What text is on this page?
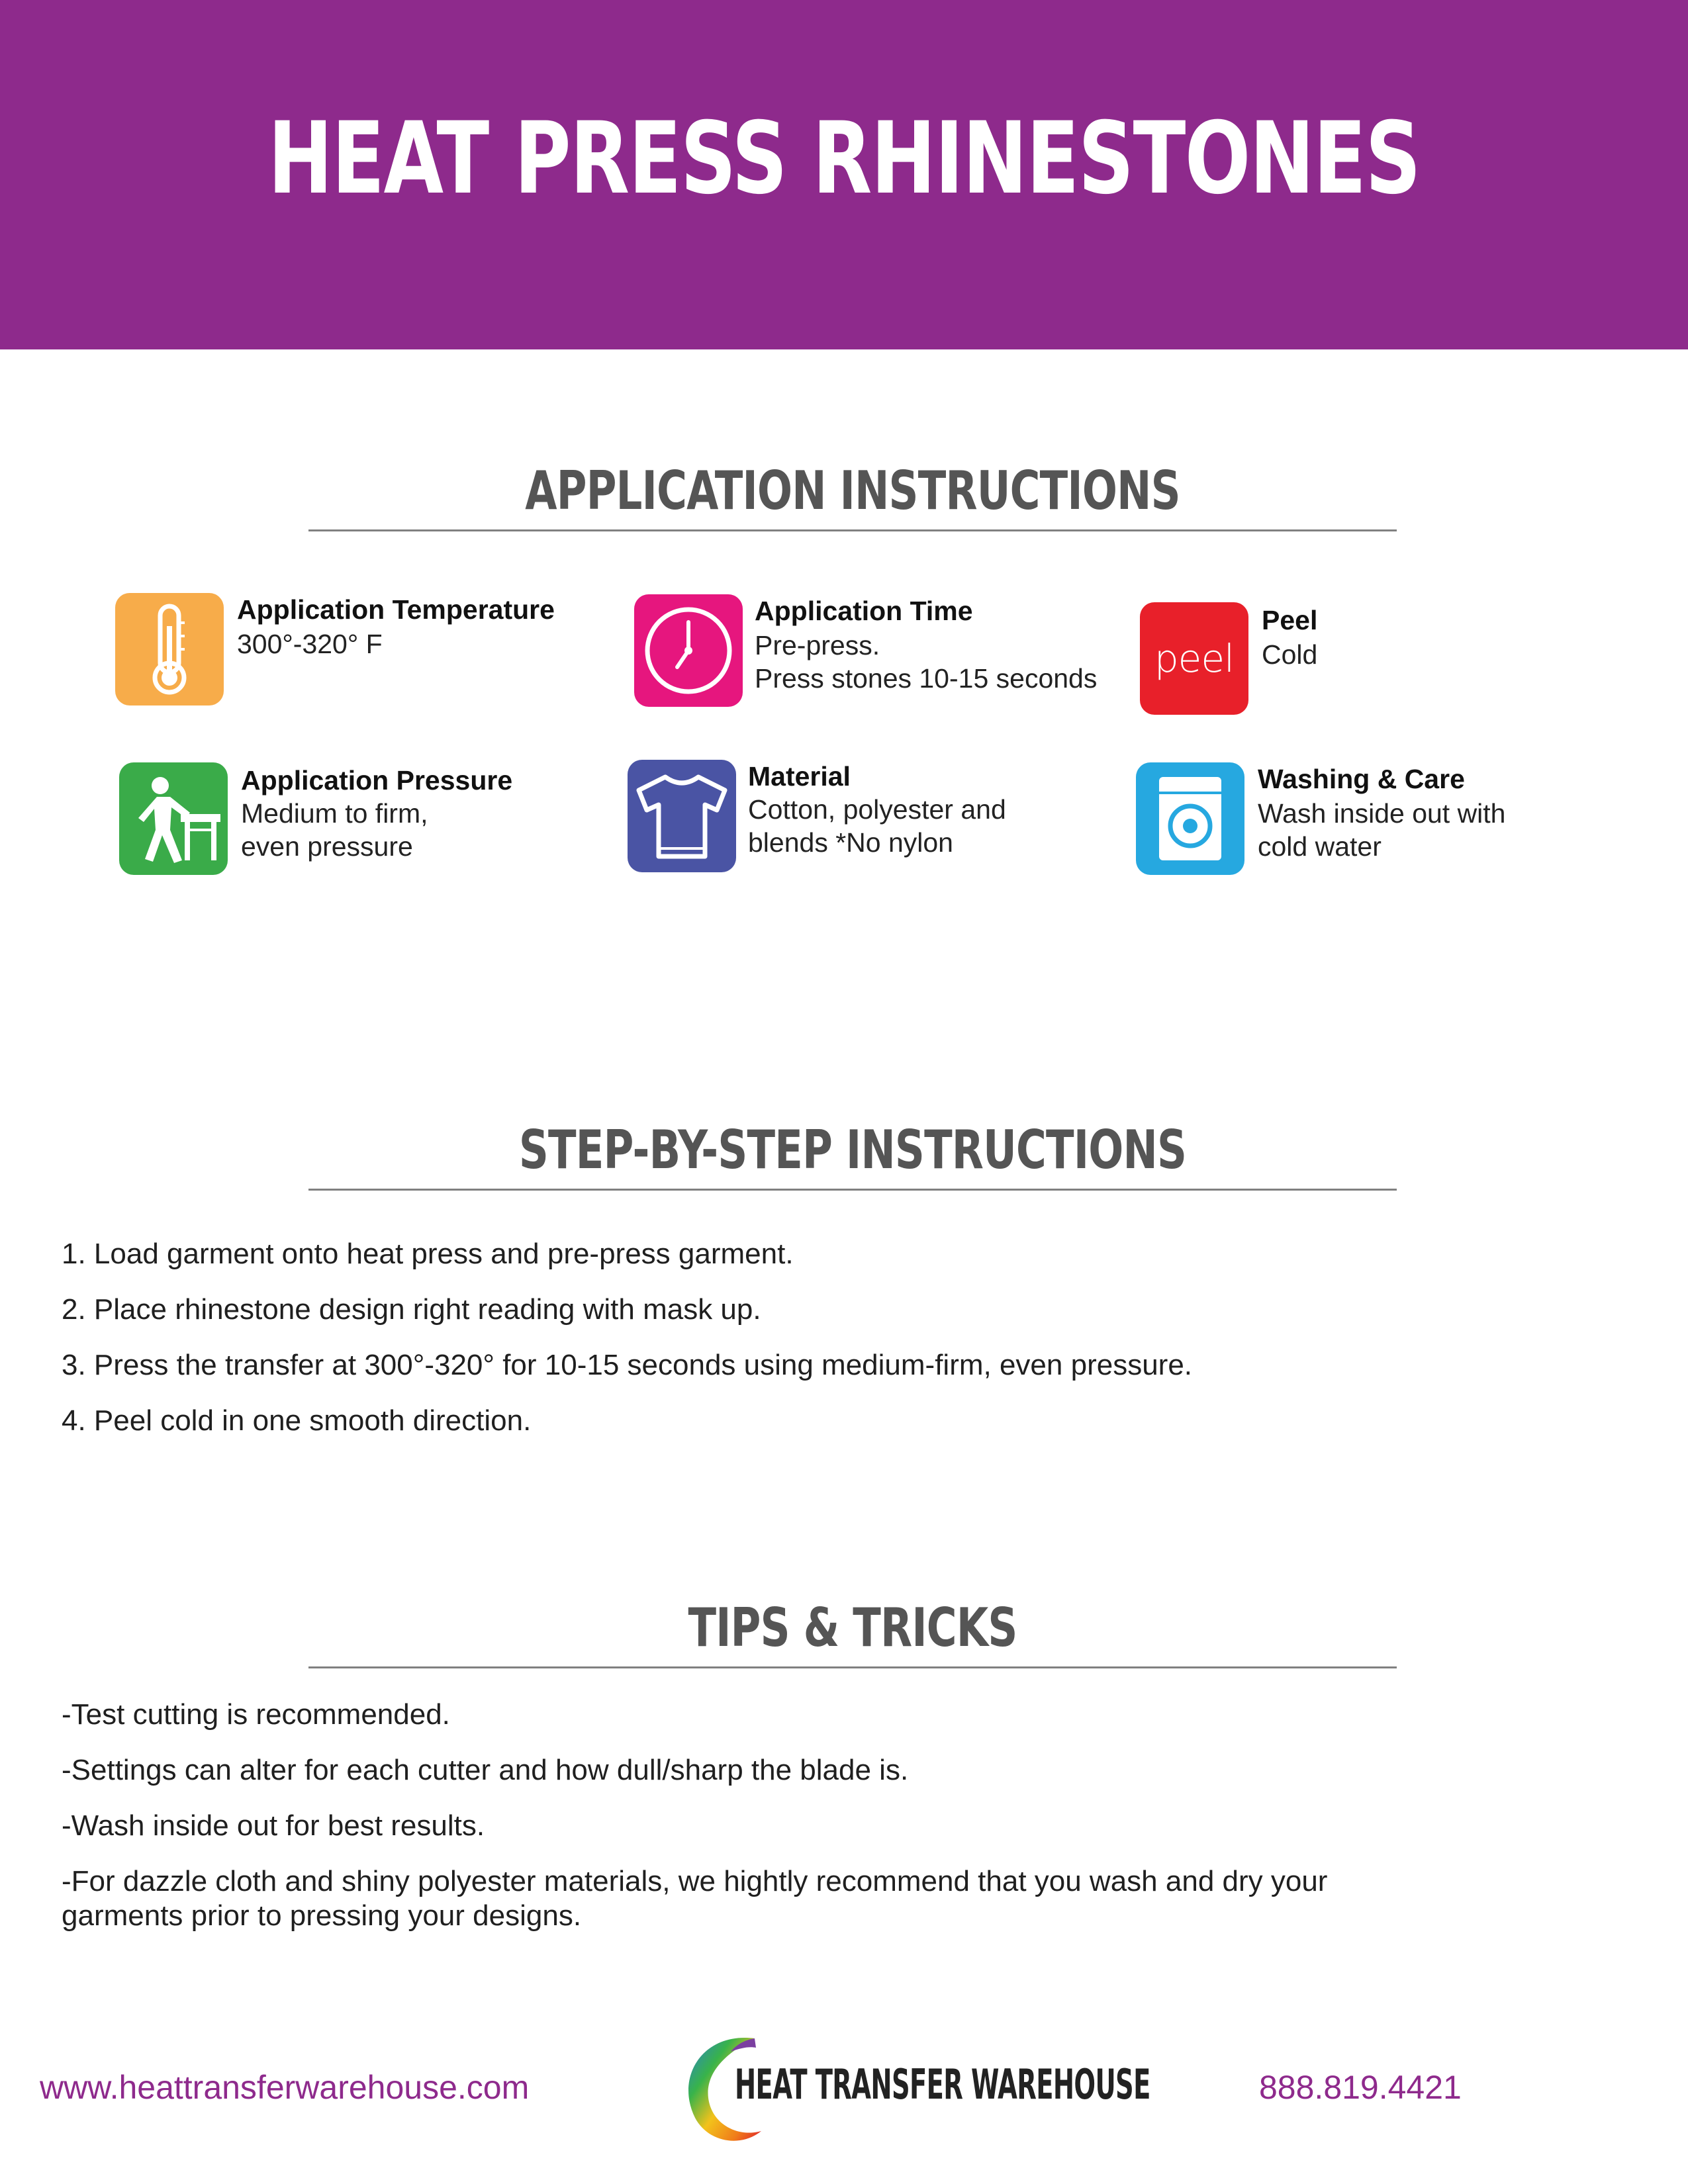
HEAT PRESS RHINESTONES
APPLICATION INSTRUCTIONS
Application Temperature
300°-320° F
Application Time
Pre-press.
Press stones 10-15 seconds peel
Peel
Cold
Application Pressure
Medium to firm,
even pressure
Material
Cotton, polyester and
blends *No nylon
Washing & Care
Wash inside out with
cold water
STEP-BY-STEP INSTRUCTIONS
1. Load garment onto heat press and pre-press garment.
2. Place rhinestone design right reading with mask up.
3. Press the transfer at 300°-320° for 10-15 seconds using medium-firm, even pressure.
4. Peel cold in one smooth direction.
TIPS & TRICKS
-Test cutting is recommended.
-Settings can alter for each cutter and how dull/sharp the blade is.
-Wash inside out for best results.
-For dazzle cloth and shiny polyester materials, we hightly recommend that you wash and dry your
garments prior to pressing your designs.
www.heattransferwarehouse.com	HEAT TRANSFER WAREHOUSE	888.819.4421
